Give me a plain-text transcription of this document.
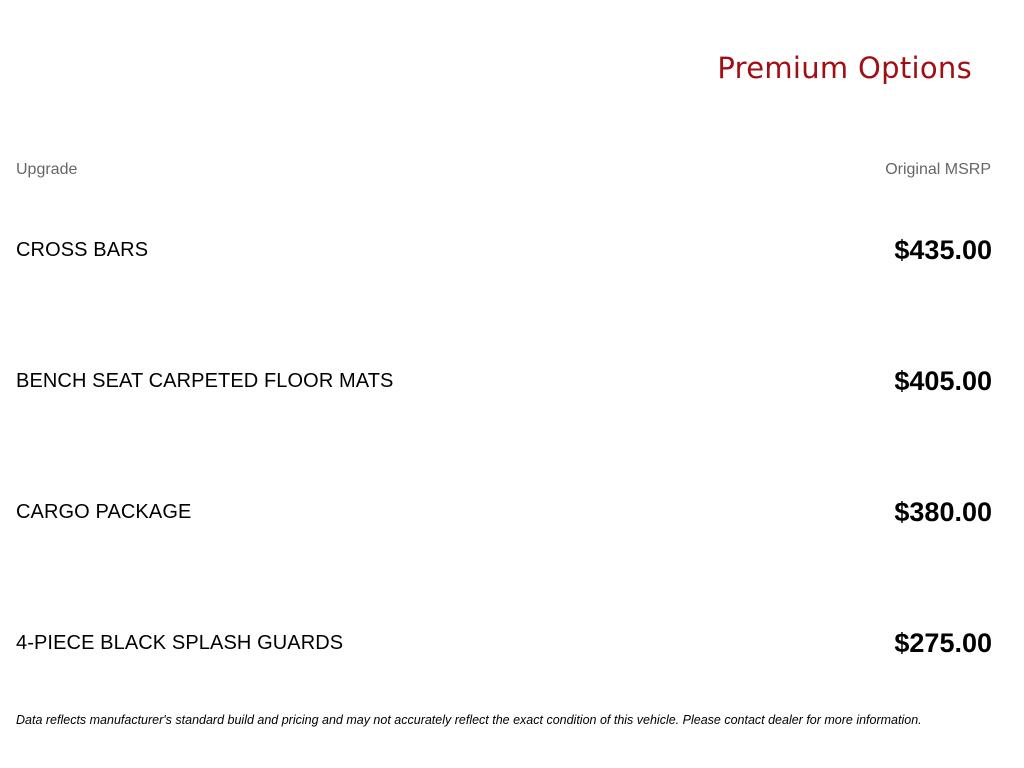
Premium Options
Upgrade	Original MSRP
CROSS BARS	$435.00
BENCH SEAT CARPETED FLOOR MATS	$405.00
CARGO PACKAGE	$380.00
4-PIECE BLACK SPLASH GUARDS	$275.00
Data reflects manufacturer's standard build and pricing and may not accurately reflect the exact condition of this vehicle. Please contact dealer for more information.
